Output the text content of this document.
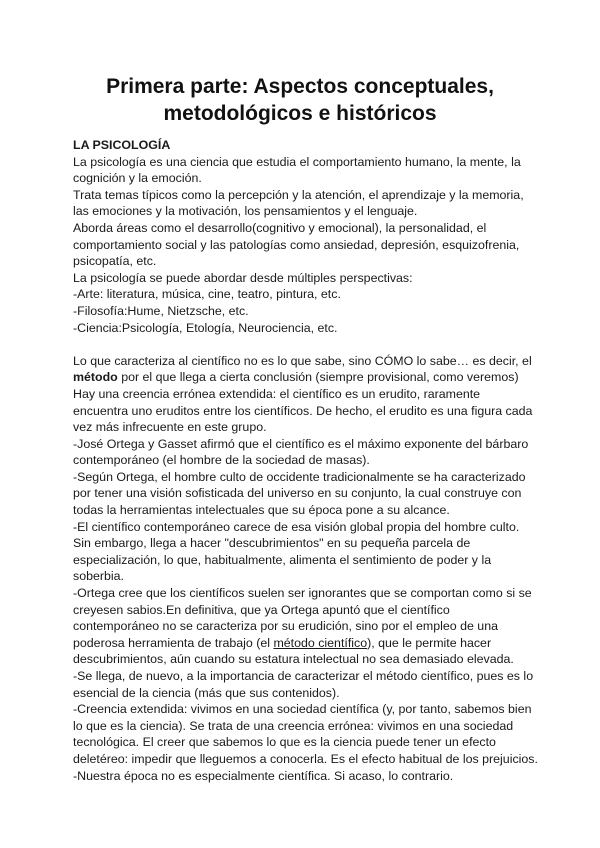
Primera parte: Aspectos conceptuales,
metodológicos e históricos
LA PSICOLOGÍA
La psicología es una ciencia que estudia el comportamiento humano, la mente, la
cognición y la emoción.
Trata temas típicos como la percepción y la atención, el aprendizaje y la memoria,
las emociones y la motivación, los pensamientos y el lenguaje.
Abordа áreas como el desarrollo(cognitivo y emocional), la personalidad, el
comportamiento social y las patologías como ansiedad, depresión, esquizofrenia,
psicopatía, etc.
La psicología se puede abordar desde múltiples perspectivas:
-Arte: literatura, música, cine, teatro, pintura, etc.
-Filosofía:Hume, Nietzsche, etc.
-Ciencia:Psicología, Etología, Neurociencia, etc.
Lo que caracteriza al científico no es lo que sabe, sino CÓMO lo sabe… es decir, el
método por el que llega a cierta conclusión (siempre provisional, como veremos)
Hay una creencia errónea extendida: el científico es un erudito, raramente
encuentra uno eruditos entre los científicos. De hecho, el erudito es una figura cada
vez más infrecuente en este grupo.
-José Ortega y Gasset afirmó que el científico es el máximo exponente del bárbaro
contemporáneo (el hombre de la sociedad de masas).
-Según Ortega, el hombre culto de occidente tradicionalmente se ha caracterizado
por tener una visión sofisticada del universo en su conjunto, la cual construye con
todas la herramientas intelectuales que su época pone a su alcance.
-El científico contemporáneo carece de esa visión global propia del hombre culto.
Sin embargo, llega a hacer "descubrimientos" en su pequeña parcela de
especialización, lo que, habitualmente, alimenta el sentimiento de poder y la
soberbia.
-Ortega cree que los científicos suelen ser ignorantes que se comportan como si se
creyesen sabios.En definitiva, que ya Ortega apuntó que el científico
contemporáneo no se caracteriza por su erudición, sino por el empleo de una
poderosa herramienta de trabajo (el método científico), que le permite hacer
descubrimientos, aún cuando su estatura intelectual no sea demasiado elevada.
-Se llega, de nuevo, a la importancia de caracterizar el método científico, pues es lo
esencial de la ciencia (más que sus contenidos).
-Creencia extendida: vivimos en una sociedad científica (y, por tanto, sabemos bien
lo que es la ciencia). Se trata de una creencia errónea: vivimos en una sociedad
tecnológica. El creer que sabemos lo que es la ciencia puede tener un efecto
deletéreo: impedir que lleguemos a conocerla. Es el efecto habitual de los prejuicios.
-Nuestra época no es especialmente científica. Si acaso, lo contrario.
